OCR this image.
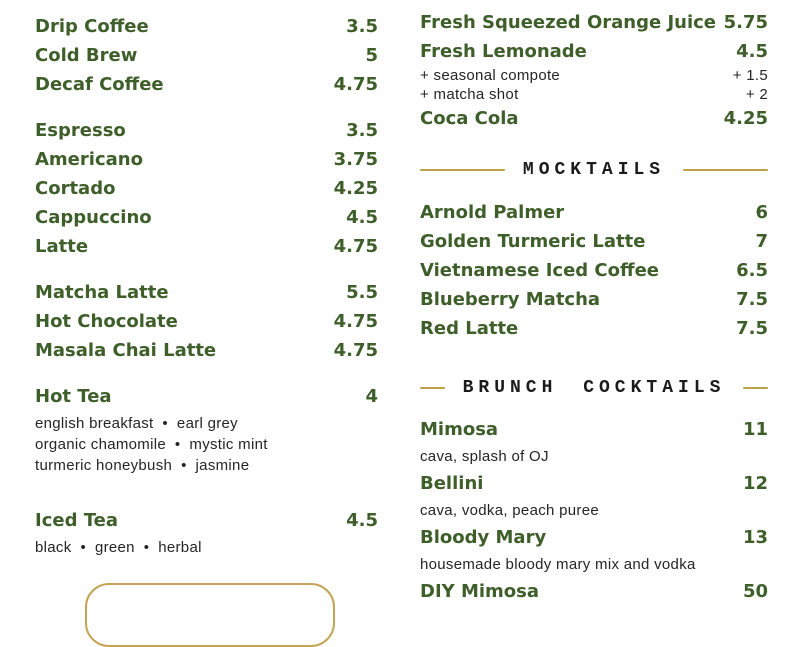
Drip Coffee	3.5
Cold Brew	5
Decaf Coffee	4.75
Espresso	3.5
Americano	3.75
Cortado	4.25
Cappuccino	4.5
Latte	4.75
Matcha Latte	5.5
Hot Chocolate	4.75
Masala Chai Latte	4.75
Hot Tea	4
english breakfast  •  earl grey
organic chamomile  •  mystic mint
turmeric honeybush  •  jasmine
Iced Tea	4.5
black  •  green  •  herbal
Fresh Squeezed Orange Juice 5.75
Fresh Lemonade	4.5
+ seasonal compote	+ 1.5
+ matcha shot	+ 2
Coca Cola	4.25
MOCKTAILS
Arnold Palmer	6
Golden Turmeric Latte	7
Vietnamese Iced Coffee	6.5
Blueberry Matcha	7.5
Red Latte	7.5
BRUNCH COCKTAILS
Mimosa	11
cava, splash of OJ
Bellini	12
cava, vodka, peach puree
Bloody Mary	13
housemade bloody mary mix and vodka
DIY Mimosa	50
